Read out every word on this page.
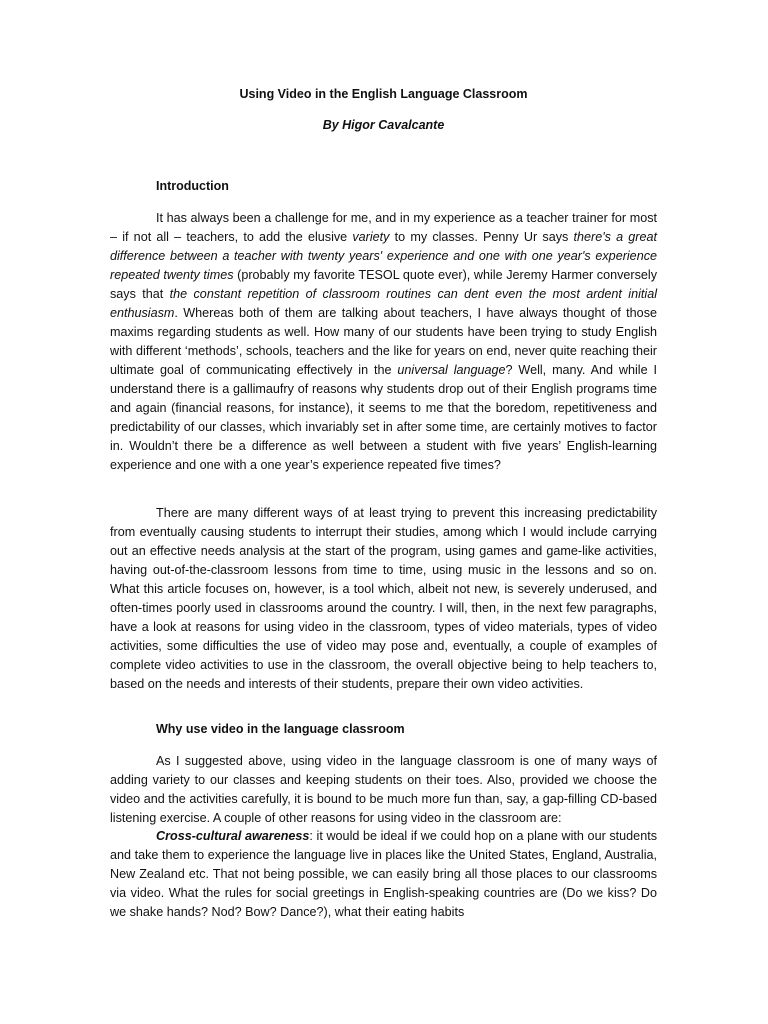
Using Video in the English Language Classroom
By Higor Cavalcante
Introduction

It has always been a challenge for me, and in my experience as a teacher trainer for most – if not all – teachers, to add the elusive variety to my classes. Penny Ur says there's a great difference between a teacher with twenty years' experience and one with one year's experience repeated twenty times (probably my favorite TESOL quote ever), while Jeremy Harmer conversely says that the constant repetition of classroom routines can dent even the most ardent initial enthusiasm. Whereas both of them are talking about teachers, I have always thought of those maxims regarding students as well. How many of our students have been trying to study English with different ‘methods’, schools, teachers and the like for years on end, never quite reaching their ultimate goal of communicating effectively in the universal language? Well, many. And while I understand there is a gallimaufry of reasons why students drop out of their English programs time and again (financial reasons, for instance), it seems to me that the boredom, repetitiveness and predictability of our classes, which invariably set in after some time, are certainly motives to factor in. Wouldn’t there be a difference as well between a student with five years’ English-learning experience and one with a one year’s experience repeated five times?

There are many different ways of at least trying to prevent this increasing predictability from eventually causing students to interrupt their studies, among which I would include carrying out an effective needs analysis at the start of the program, using games and game-like activities, having out-of-the-classroom lessons from time to time, using music in the lessons and so on. What this article focuses on, however, is a tool which, albeit not new, is severely underused, and often-times poorly used in classrooms around the country. I will, then, in the next few paragraphs, have a look at reasons for using video in the classroom, types of video materials, types of video activities, some difficulties the use of video may pose and, eventually, a couple of examples of complete video activities to use in the classroom, the overall objective being to help teachers to, based on the needs and interests of their students, prepare their own video activities.

Why use video in the language classroom

As I suggested above, using video in the language classroom is one of many ways of adding variety to our classes and keeping students on their toes. Also, provided we choose the video and the activities carefully, it is bound to be much more fun than, say, a gap-filling CD-based listening exercise. A couple of other reasons for using video in the classroom are:

Cross-cultural awareness: it would be ideal if we could hop on a plane with our students and take them to experience the language live in places like the United States, England, Australia, New Zealand etc. That not being possible, we can easily bring all those places to our classrooms via video. What the rules for social greetings in English-speaking countries are (Do we kiss? Do we shake hands? Nod? Bow? Dance?), what their eating habits
